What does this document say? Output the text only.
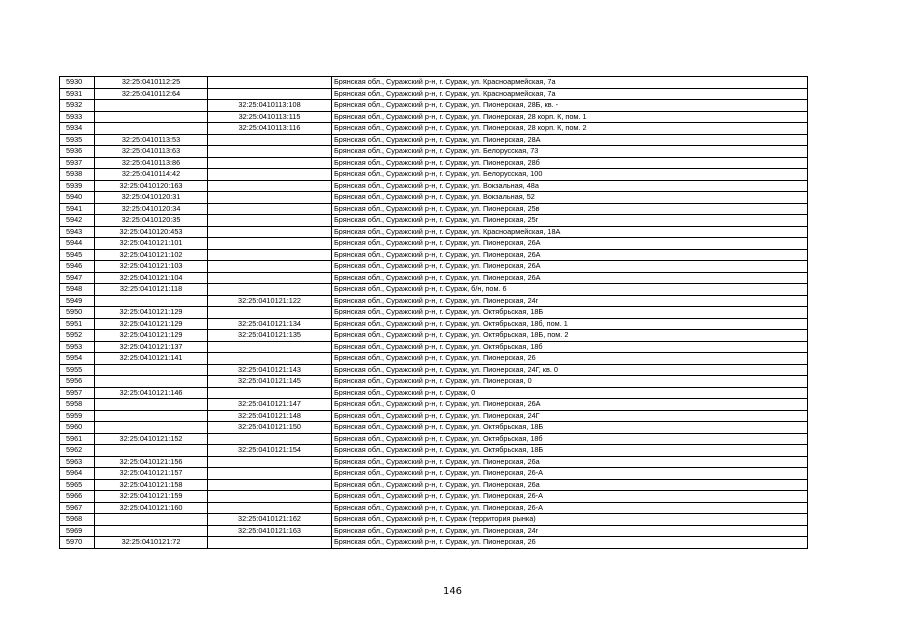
5930	32:25:0410112:25		Брянская обл., Суражский р-н, г. Сураж, ул. Красноармейская, 7а
5931	32:25:0410112:64		Брянская обл., Суражский р-н, г. Сураж, ул. Красноармейская, 7а
5932		32:25:0410113:108	Брянская обл., Суражский р-н, г. Сураж, ул. Пионерская, 28Б, кв. -
5933		32:25:0410113:115	Брянская обл., Суражский р-н, г. Сураж, ул. Пионерская, 28 корп. К, пом. 1
5934		32:25:0410113:116	Брянская обл., Суражский р-н, г. Сураж, ул. Пионерская, 28 корп. К, пом. 2
5935	32:25:0410113:53		Брянская обл., Суражский р-н, г. Сураж, ул. Пионерская, 28А
5936	32:25:0410113:63		Брянская обл., Суражский р-н, г. Сураж, ул. Белорусская, 73
5937	32:25:0410113:86		Брянская обл., Суражский р-н, г. Сураж, ул. Пионерская, 28б
5938	32:25:0410114:42		Брянская обл., Суражский р-н, г. Сураж, ул. Белорусская, 100
5939	32:25:0410120:163		Брянская обл., Суражский р-н, г. Сураж, ул. Вокзальная, 48а
5940	32:25:0410120:31		Брянская обл., Суражский р-н, г. Сураж, ул. Вокзальная, 52
5941	32:25:0410120:34		Брянская обл., Суражский р-н, г. Сураж, ул. Пионерская, 25в
5942	32:25:0410120:35		Брянская обл., Суражский р-н, г. Сураж, ул. Пионерская, 25г
5943	32:25:0410120:453		Брянская обл., Суражский р-н, г. Сураж, ул. Красноармейская, 18А
5944	32:25:0410121:101		Брянская обл., Суражский р-н, г. Сураж, ул. Пионерская, 26А
5945	32:25:0410121:102		Брянская обл., Суражский р-н, г. Сураж, ул. Пионерская, 26А
5946	32:25:0410121:103		Брянская обл., Суражский р-н, г. Сураж, ул. Пионерская, 26А
5947	32:25:0410121:104		Брянская обл., Суражский р-н, г. Сураж, ул. Пионерская, 26А
5948	32:25:0410121:118		Брянская обл., Суражский р-н, г. Сураж, б/н, пом. 6
5949		32:25:0410121:122	Брянская обл., Суражский р-н, г. Сураж, ул. Пионерская, 24г
5950	32:25:0410121:129		Брянская обл., Суражский р-н, г. Сураж, ул. Октябрьская, 18Б
5951	32:25:0410121:129	32:25:0410121:134	Брянская обл., Суражский р-н, г. Сураж, ул. Октябрьская, 18б, пом. 1
5952	32:25:0410121:129	32:25:0410121:135	Брянская обл., Суражский р-н, г. Сураж, ул. Октябрьская, 18Б, пом. 2
5953	32:25:0410121:137		Брянская обл., Суражский р-н, г. Сураж, ул. Октябрьская, 18б
5954	32:25:0410121:141		Брянская обл., Суражский р-н, г. Сураж, ул. Пионерская, 26
5955		32:25:0410121:143	Брянская обл., Суражский р-н, г. Сураж, ул. Пионерская, 24Г, кв. 0
5956		32:25:0410121:145	Брянская обл., Суражский р-н, г. Сураж, ул. Пионерская, 0
5957	32:25:0410121:146		Брянская обл., Суражский р-н, г. Сураж, 0
5958		32:25:0410121:147	Брянская обл., Суражский р-н, г. Сураж, ул. Пионерская, 26А
5959		32:25:0410121:148	Брянская обл., Суражский р-н, г. Сураж, ул. Пионерская, 24Г
5960		32:25:0410121:150	Брянская обл., Суражский р-н, г. Сураж, ул. Октябрьская, 18Б
5961	32:25:0410121:152		Брянская обл., Суражский р-н, г. Сураж, ул. Октябрьская, 18б
5962		32:25:0410121:154	Брянская обл., Суражский р-н, г. Сураж, ул. Октябрьская, 18Б
5963	32:25:0410121:156		Брянская обл., Суражский р-н, г. Сураж, ул. Пионерская, 26а
5964	32:25:0410121:157		Брянская обл., Суражский р-н, г. Сураж, ул. Пионерская, 26-А
5965	32:25:0410121:158		Брянская обл., Суражский р-н, г. Сураж, ул. Пионерская, 26а
5966	32:25:0410121:159		Брянская обл., Суражский р-н, г. Сураж, ул. Пионерская, 26-А
5967	32:25:0410121:160		Брянская обл., Суражский р-н, г. Сураж, ул. Пионерская, 26-А
5968		32:25:0410121:162	Брянская обл., Суражский р-н, г. Сураж (территория рынка)
5969		32:25:0410121:163	Брянская обл., Суражский р-н, г. Сураж, ул. Пионерская, 24г
5970	32:25:0410121:72		Брянская обл., Суражский р-н, г. Сураж, ул. Пионерская, 26
146
